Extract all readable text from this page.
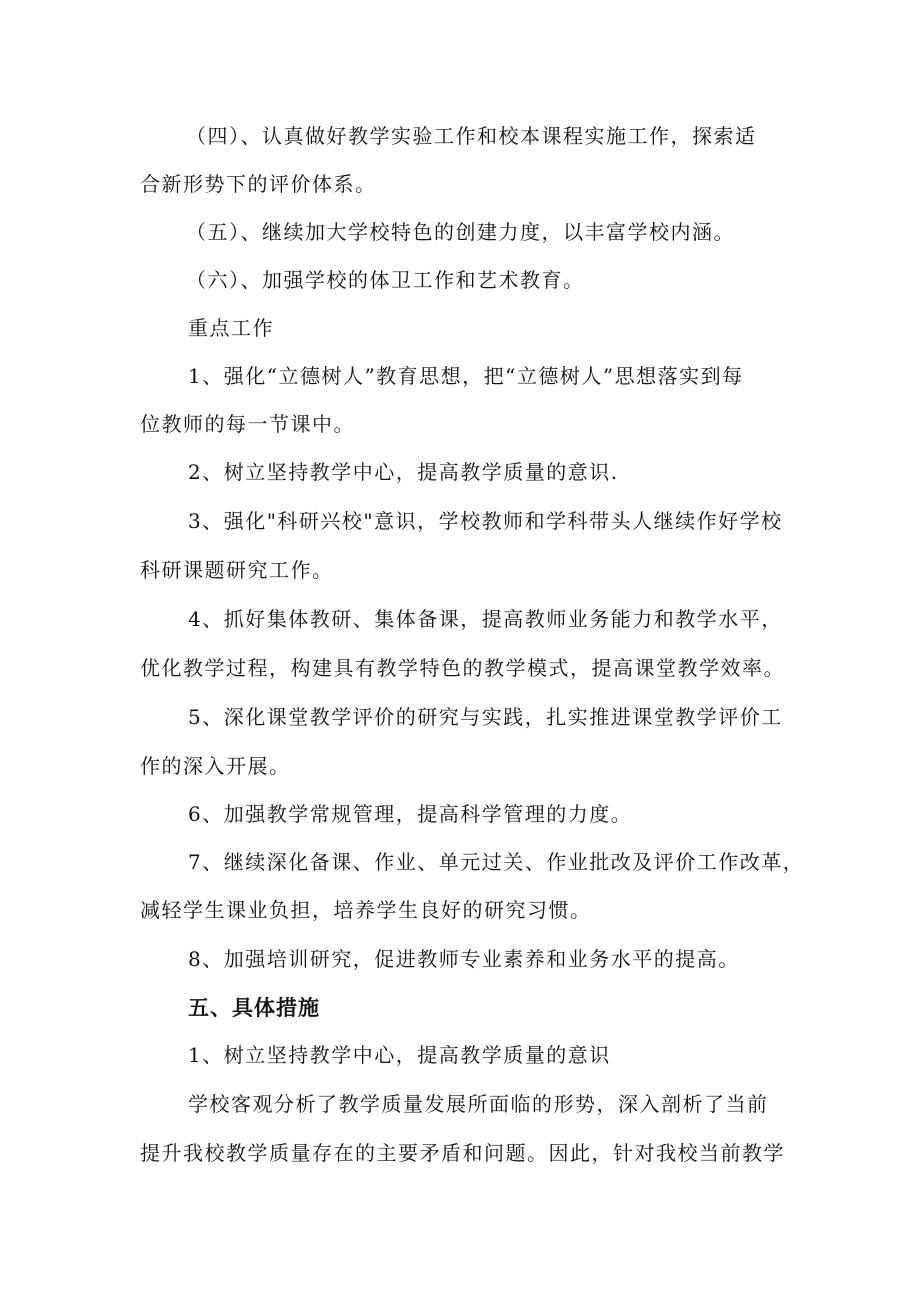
（四）、认真做好教学实验工作和校本课程实施工作，探索适
合新形势下的评价体系。
（五）、继续加大学校特色的创建力度，以丰富学校内涵。
（六）、加强学校的体卫工作和艺术教育。
重点工作
1、强化“立德树人”教育思想，把“立德树人”思想落实到每
位教师的每一节课中。
2、树立坚持教学中心，提高教学质量的意识.
3、强化"科研兴校"意识，学校教师和学科带头人继续作好学校
科研课题研究工作。
4、抓好集体教研、集体备课，提高教师业务能力和教学水平，
优化教学过程，构建具有教学特色的教学模式，提高课堂教学效率。
5、深化课堂教学评价的研究与实践，扎实推进课堂教学评价工
作的深入开展。
6、加强教学常规管理，提高科学管理的力度。
7、继续深化备课、作业、单元过关、作业批改及评价工作改革，
减轻学生课业负担，培养学生良好的研究习惯。
8、加强培训研究，促进教师专业素养和业务水平的提高。
五、具体措施
1、树立坚持教学中心，提高教学质量的意识
学校客观分析了教学质量发展所面临的形势，深入剖析了当前
提升我校教学质量存在的主要矛盾和问题。因此，针对我校当前教学
